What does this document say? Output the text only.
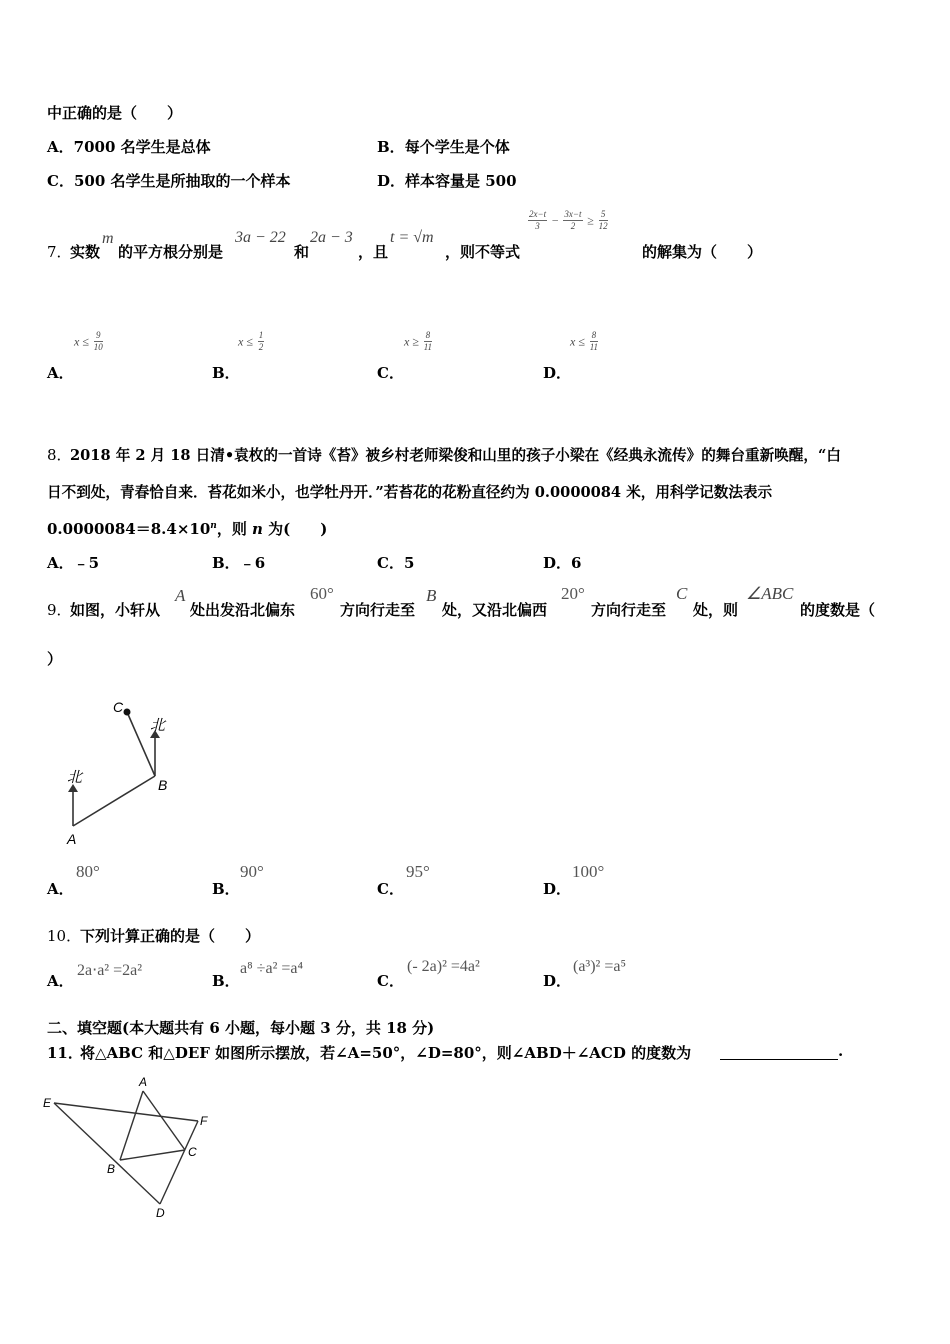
中正确的是（　　）
A．7000 名学生是总体	B．每个学生是个体
C．500 名学生是所抽取的一个样本	D．样本容量是 500
7．
实数
m
的平方根分别是
3a − 22
和
2a − 3
，且
t = √m
，则不等式
$\frac{2x-t}{3} - \frac{3x-t}{2} \ge \frac{5}{12}$
的解集为（　　）
A．
$x \le \frac{9}{10}$
B．
$x \le \frac{1}{2}$
C．
$x \ge \frac{8}{11}$
D．
$x \le \frac{8}{11}$
8．
2018 年 2 月 18 日清•袁枚的一首诗《苔》被乡村老师梁俊和山里的孩子小梁在《经典永流传》的舞台重新唤醒，“白
日不到处，青春恰自来．苔花如米小，也学牡丹开．”若苔花的花粉直径约为 0.0000084 米，用科学记数法表示
$0.0000084=8.4\times 10^n$，则 n 为(　　)
A．﹣5	B．﹣6	C．5	D．6
9．
如图，小轩从
A
处出发沿北偏东
60°
方向行走至
B
处，又沿北偏西
20°
方向行走至
C
处，则
∠ABC
的度数是（
）
北
北
A
B
C
A．
80°
B．
90°
C．
95°
D．
100°
10．
下列计算正确的是（　　）
A．
2a⋅a² =2a²
B．
a⁸ ÷a² =a⁴
C．
(- 2a)² =4a²
D．
(a³)² =a⁵
二、填空题(本大题共有 6 小题，每小题 3 分，共 18 分)
11．
将△ABC 和△DEF 如图所示摆放，若∠A=50°，∠D=80°，则∠ABD＋∠ACD 的度数为	.
A
B
C
D
E
F
